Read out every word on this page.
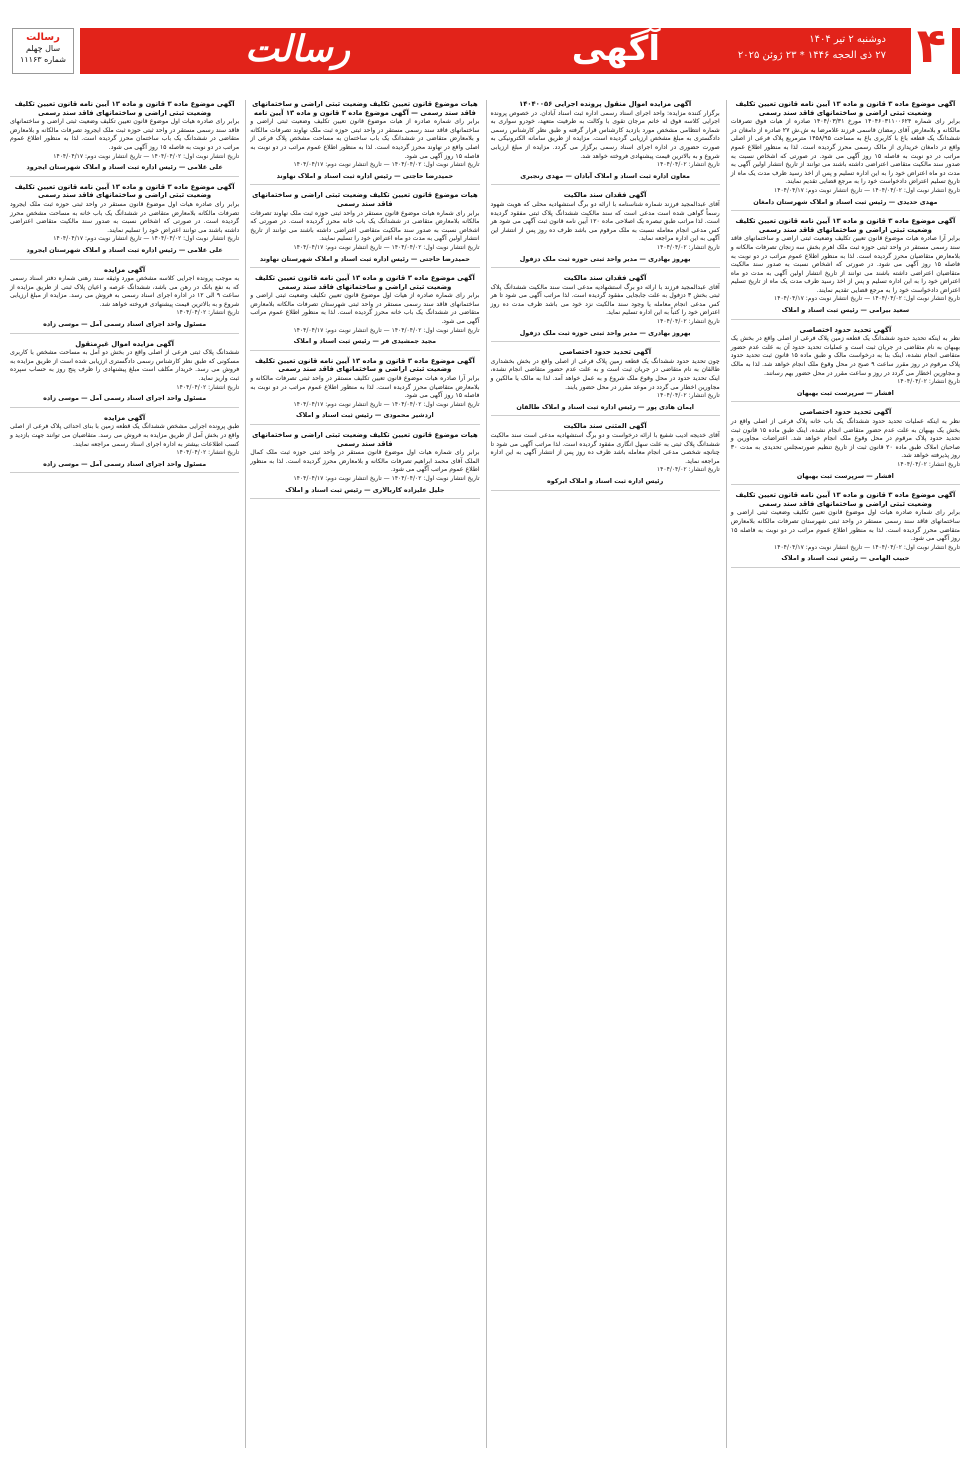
۴
دوشنبه ۲ تیر ۱۴۰۴
۲۷ ذی الحجه ۱۴۴۶ * ۲۳ ژوئن ۲۰۲۵
آگهی
رسالت
رسالت
سال چهلم
شماره ۱۱۱۶۳
آگهی موضوع ماده ۳ قانون و ماده ۱۳ آیین نامه قانون تعیین تکلیف وضعیت ثبتی اراضی و ساختمانهای فاقد سند رسمی

برابر رای شماره ۱۴۰۴۶۰۳۱۱۰۰۶۲۴ مورخ ۱۴۰۴/۰۳/۳۱ صادره از هیات فوق تصرفات مالکانه و بلامعارض آقای رمضان قاسمی فرزند غلامرضا به ش.ش ۲۷ صادره از دامغان در ششدانگ یک قطعه باغ با کاربری باغ به مساحت ۱۴۵۸/۹۵ مترمربع پلاک فرعی از اصلی واقع در دامغان خریداری از مالک رسمی محرز گردیده است. لذا به منظور اطلاع عموم مراتب در دو نوبت به فاصله ۱۵ روز آگهی می شود. در صورتی که اشخاص نسبت به صدور سند مالکیت متقاضی اعتراضی داشته باشند می توانند از تاریخ انتشار اولین آگهی به مدت دو ماه اعتراض خود را به این اداره تسلیم و پس از اخذ رسید ظرف مدت یک ماه از تاریخ تسلیم اعتراض دادخواست خود را به مرجع قضایی تقدیم نمایند.

تاریخ انتشار نوبت اول: ۱۴۰۴/۰۴/۰۲ — تاریخ انتشار نوبت دوم: ۱۴۰۴/۰۴/۱۷
مهدی حدیدی — رئیس ثبت اسناد و املاک شهرستان دامغان
آگهی موضوع ماده ۳ قانون و ماده ۱۳ آیین نامه قانون تعیین تکلیف وضعیت ثبتی اراضی و ساختمانهای فاقد سند رسمی

برابر آرا صادره هیات موضوع قانون تعیین تکلیف وضعیت ثبتی اراضی و ساختمانهای فاقد سند رسمی مستقر در واحد ثبتی حوزه ثبت ملک اهرم بخش سه زنجان تصرفات مالکانه و بلامعارض متقاضیان محرز گردیده است. لذا به منظور اطلاع عموم مراتب در دو نوبت به فاصله ۱۵ روز آگهی می شود. در صورتی که اشخاص نسبت به صدور سند مالکیت متقاضیان اعتراضی داشته باشند می توانند از تاریخ انتشار اولین آگهی به مدت دو ماه اعتراض خود را به این اداره تسلیم و پس از اخذ رسید ظرف مدت یک ماه از تاریخ تسلیم اعتراض دادخواست خود را به مرجع قضایی تقدیم نمایند.

تاریخ انتشار نوبت اول: ۱۴۰۴/۰۴/۰۲ — تاریخ انتشار نوبت دوم: ۱۴۰۴/۰۴/۱۷
سعید بیرامی — رئیس ثبت اسناد و املاک
آگهی تحدید حدود اختصاصی

نظر به اینکه تحدید حدود ششدانگ یک قطعه زمین پلاک فرعی از اصلی واقع در بخش یک بهبهان به نام متقاضی در جریان ثبت است و عملیات تحدید حدود آن به علت عدم حضور متقاضی انجام نشده، اینک بنا به درخواست مالک و طبق ماده ۱۵ قانون ثبت تحدید حدود پلاک مرقوم در روز مقرر ساعت ۹ صبح در محل وقوع ملک انجام خواهد شد. لذا به مالک و مجاورین اخطار می گردد در روز و ساعت مقرر در محل حضور بهم رسانند.

تاریخ انتشار: ۱۴۰۴/۰۴/۰۲
افشار — سرپرست ثبت بهبهان
آگهی تحدید حدود اختصاصی

نظر به اینکه عملیات تحدید حدود ششدانگ یک باب خانه پلاک فرعی از اصلی واقع در بخش یک بهبهان به علت عدم حضور متقاضی انجام نشده، اینک طبق ماده ۱۵ قانون ثبت تحدید حدود پلاک مرقوم در محل وقوع ملک انجام خواهد شد. اعتراضات مجاورین و صاحبان املاک طبق ماده ۲۰ قانون ثبت از تاریخ تنظیم صورتمجلس تحدیدی به مدت ۳۰ روز پذیرفته خواهد شد.

تاریخ انتشار: ۱۴۰۴/۰۴/۰۲
افشار — سرپرست ثبت بهبهان
آگهی موضوع ماده ۳ قانون و ماده ۱۳ آیین نامه قانون تعیین تکلیف وضعیت ثبتی اراضی و ساختمانهای فاقد سند رسمی

برابر رای شماره صادره هیات اول موضوع قانون تعیین تکلیف وضعیت ثبتی اراضی و ساختمانهای فاقد سند رسمی مستقر در واحد ثبتی شهرستان تصرفات مالکانه بلامعارض متقاضی محرز گردیده است. لذا به منظور اطلاع عموم مراتب در دو نوبت به فاصله ۱۵ روز آگهی می شود.

تاریخ انتشار نوبت اول: ۱۴۰۴/۰۴/۰۲ — تاریخ انتشار نوبت دوم: ۱۴۰۴/۰۴/۱۷
حبیب الهامی — رئیس ثبت اسناد و املاک
آگهی مزایده اموال منقول پرونده اجرایی ۱۴۰۴۰۰۵۶

برگزار کننده مزایده: واحد اجرای اسناد رسمی اداره ثبت اسناد آبادان. در خصوص پرونده اجرایی کلاسه فوق له خانم مرجان تقوی با وکالت به طرفیت متعهد، خودرو سواری به شماره انتظامی مشخص مورد بازدید کارشناس قرار گرفته و طبق نظر کارشناس رسمی دادگستری به مبلغ مشخص ارزیابی گردیده است. مزایده از طریق سامانه الکترونیکی به صورت حضوری در اداره اجرای اسناد رسمی برگزار می گردد. مزایده از مبلغ ارزیابی شروع و به بالاترین قیمت پیشنهادی فروخته خواهد شد.

تاریخ انتشار: ۱۴۰۴/۰۴/۰۲
معاون اداره ثبت اسناد و املاک آبادان — مهدی رنجبری
آگهی فقدان سند مالکیت

آقای عبدالمجید فرزند شماره شناسنامه با ارائه دو برگ استشهادیه محلی که هویت شهود رسماً گواهی شده است مدعی است که سند مالکیت ششدانگ پلاک ثبتی مفقود گردیده است. لذا مراتب طبق تبصره یک اصلاحی ماده ۱۲۰ آیین نامه قانون ثبت آگهی می شود هر کس مدعی انجام معامله نسبت به ملک مرقوم می باشد ظرف ده روز پس از انتشار این آگهی به این اداره مراجعه نماید.

تاریخ انتشار: ۱۴۰۴/۰۴/۰۲
بهروز بهادری — مدیر واحد ثبتی حوزه ثبت ملک دزفول
آگهی فقدان سند مالکیت

آقای عبدالمجید فرزند با ارائه دو برگ استشهادیه مدعی است سند مالکیت ششدانگ پلاک ثبتی بخش ۳ دزفول به علت جابجایی مفقود گردیده است. لذا مراتب آگهی می شود تا هر کس مدعی انجام معامله یا وجود سند مالکیت نزد خود می باشد ظرف مدت ده روز اعتراض خود را کتباً به این اداره تسلیم نماید.

تاریخ انتشار: ۱۴۰۴/۰۴/۰۲
بهروز بهادری — مدیر واحد ثبتی حوزه ثبت ملک دزفول
آگهی تحدید حدود اختصاصی

چون تحدید حدود ششدانگ یک قطعه زمین پلاک فرعی از اصلی واقع در بخش بخشداری طالقان به نام متقاضی در جریان ثبت است و به علت عدم حضور متقاضی انجام نشده، اینک تحدید حدود در محل وقوع ملک شروع و به عمل خواهد آمد. لذا به مالک یا مالکین و مجاورین اخطار می گردد در موعد مقرر در محل حضور یابند.

تاریخ انتشار: ۱۴۰۴/۰۴/۰۲
ایمان هادی پور — رئیس اداره ثبت اسناد و املاک طالقان
آگهی المثنی سند مالکیت

آقای خدیجه ادیب شفیع با ارائه درخواست و دو برگ استشهادیه مدعی است سند مالکیت ششدانگ پلاک ثبتی به علت سهل انگاری مفقود گردیده است. لذا مراتب آگهی می شود تا چنانچه شخصی مدعی انجام معامله باشد ظرف ده روز پس از انتشار آگهی به این اداره مراجعه نماید.

تاریخ انتشار: ۱۴۰۴/۰۴/۰۲
رئیس اداره ثبت اسناد و املاک ابرکوه
هیات موضوع قانون تعیین تکلیف وضعیت ثبتی اراضی و ساختمانهای فاقد سند رسمی — آگهی موضوع ماده ۳ قانون و ماده ۱۳ آیین نامه

برابر رای شماره صادره از هیات موضوع قانون تعیین تکلیف وضعیت ثبتی اراضی و ساختمانهای فاقد سند رسمی مستقر در واحد ثبتی حوزه ثبت ملک نهاوند تصرفات مالکانه و بلامعارض متقاضی در ششدانگ یک باب ساختمان به مساحت مشخص پلاک فرعی از اصلی واقع در نهاوند محرز گردیده است. لذا به منظور اطلاع عموم مراتب در دو نوبت به فاصله ۱۵ روز آگهی می شود.

تاریخ انتشار نوبت اول: ۱۴۰۴/۰۴/۰۲ — تاریخ انتشار نوبت دوم: ۱۴۰۴/۰۴/۱۷
حمیدرضا حاجتی — رئیس اداره ثبت اسناد و املاک نهاوند
هیات موضوع قانون تعیین تکلیف وضعیت ثبتی اراضی و ساختمانهای فاقد سند رسمی

برابر رای شماره هیات موضوع قانون مستقر در واحد ثبتی حوزه ثبت ملک نهاوند تصرفات مالکانه بلامعارض متقاضی در ششدانگ یک باب خانه محرز گردیده است. در صورتی که اشخاص نسبت به صدور سند مالکیت متقاضی اعتراضی داشته باشند می توانند از تاریخ انتشار اولین آگهی به مدت دو ماه اعتراض خود را تسلیم نمایند.

تاریخ انتشار نوبت اول: ۱۴۰۴/۰۴/۰۲ — تاریخ انتشار نوبت دوم: ۱۴۰۴/۰۴/۱۷
حمیدرضا حاجتی — رئیس اداره ثبت اسناد و املاک شهرستان نهاوند
آگهی موضوع ماده ۳ قانون و ماده ۱۳ آیین نامه قانون تعیین تکلیف وضعیت ثبتی اراضی و ساختمانهای فاقد سند رسمی

برابر رای شماره صادره از هیات اول موضوع قانون تعیین تکلیف وضعیت ثبتی اراضی و ساختمانهای فاقد سند رسمی مستقر در واحد ثبتی شهرستان تصرفات مالکانه بلامعارض متقاضی در ششدانگ یک باب خانه محرز گردیده است. لذا به منظور اطلاع عموم مراتب آگهی می شود.

تاریخ انتشار نوبت اول: ۱۴۰۴/۰۴/۰۲ — تاریخ انتشار نوبت دوم: ۱۴۰۴/۰۴/۱۷
مجید جمشیدی فر — رئیس ثبت اسناد و املاک
آگهی موضوع ماده ۳ قانون و ماده ۱۳ آیین نامه قانون تعیین تکلیف وضعیت ثبتی اراضی و ساختمانهای فاقد سند رسمی

برابر آرا صادره هیات موضوع قانون تعیین تکلیف مستقر در واحد ثبتی تصرفات مالکانه و بلامعارض متقاضیان محرز گردیده است. لذا به منظور اطلاع عموم مراتب در دو نوبت به فاصله ۱۵ روز آگهی می شود.

تاریخ انتشار نوبت اول: ۱۴۰۴/۰۴/۰۲ — تاریخ انتشار نوبت دوم: ۱۴۰۴/۰۴/۱۷
اردشیر محمودی — رئیس ثبت اسناد و املاک
هیات موضوع قانون تعیین تکلیف وضعیت ثبتی اراضی و ساختمانهای فاقد سند رسمی

برابر رای شماره هیات اول موضوع قانون مستقر در واحد ثبتی حوزه ثبت ملک کمال الملک آقای محمد ابراهیم تصرفات مالکانه و بلامعارض محرز گردیده است. لذا به منظور اطلاع عموم مراتب آگهی می شود.

تاریخ انتشار نوبت اول: ۱۴۰۴/۰۴/۰۲ — تاریخ انتشار نوبت دوم: ۱۴۰۴/۰۴/۱۷
جلیل علیزاده کاربالاری — رئیس ثبت اسناد و املاک
آگهی موضوع ماده ۳ قانون و ماده ۱۳ آیین نامه قانون تعیین تکلیف وضعیت ثبتی اراضی و ساختمانهای فاقد سند رسمی

برابر رای صادره هیات اول موضوع قانون تعیین تکلیف وضعیت ثبتی اراضی و ساختمانهای فاقد سند رسمی مستقر در واحد ثبتی حوزه ثبت ملک ایجرود تصرفات مالکانه و بلامعارض متقاضی در ششدانگ یک باب ساختمان محرز گردیده است. لذا به منظور اطلاع عموم مراتب در دو نوبت به فاصله ۱۵ روز آگهی می شود.

تاریخ انتشار نوبت اول: ۱۴۰۴/۰۴/۰۲ — تاریخ انتشار نوبت دوم: ۱۴۰۴/۰۴/۱۷
علی غلامی — رئیس اداره ثبت اسناد و املاک شهرستان ایجرود
آگهی موضوع ماده ۳ قانون و ماده ۱۳ آیین نامه قانون تعیین تکلیف وضعیت ثبتی اراضی و ساختمانهای فاقد سند رسمی

برابر رای صادره هیات اول موضوع قانون مستقر در واحد ثبتی حوزه ثبت ملک ایجرود تصرفات مالکانه بلامعارض متقاضی در ششدانگ یک باب خانه به مساحت مشخص محرز گردیده است. در صورتی که اشخاص نسبت به صدور سند مالکیت متقاضی اعتراضی داشته باشند می توانند اعتراض خود را تسلیم نمایند.

تاریخ انتشار نوبت اول: ۱۴۰۴/۰۴/۰۲ — تاریخ انتشار نوبت دوم: ۱۴۰۴/۰۴/۱۷
علی غلامی — رئیس اداره ثبت اسناد و املاک شهرستان ایجرود
آگهی مزایده

به موجب پرونده اجرایی کلاسه مشخص مورد وثیقه سند رهنی شماره دفتر اسناد رسمی که به نفع بانک در رهن می باشد، ششدانگ عرصه و اعیان پلاک ثبتی از طریق مزایده از ساعت ۹ الی ۱۲ در اداره اجرای اسناد رسمی به فروش می رسد. مزایده از مبلغ ارزیابی شروع و به بالاترین قیمت پیشنهادی فروخته خواهد شد.

تاریخ انتشار: ۱۴۰۴/۰۴/۰۲
مسئول واحد اجرای اسناد رسمی آمل — موسی زاده
آگهی مزایده اموال غیرمنقول

ششدانگ پلاک ثبتی فرعی از اصلی واقع در بخش دو آمل به مساحت مشخص با کاربری مسکونی که طبق نظر کارشناس رسمی دادگستری ارزیابی شده است از طریق مزایده به فروش می رسد. خریدار مکلف است مبلغ پیشنهادی را ظرف پنج روز به حساب سپرده ثبت واریز نماید.

تاریخ انتشار: ۱۴۰۴/۰۴/۰۲
مسئول واحد اجرای اسناد رسمی آمل — موسی زاده
آگهی مزایده

طبق پرونده اجرایی مشخص ششدانگ یک قطعه زمین با بنای احداثی پلاک فرعی از اصلی واقع در بخش آمل از طریق مزایده به فروش می رسد. متقاضیان می توانند جهت بازدید و کسب اطلاعات بیشتر به اداره اجرای اسناد رسمی مراجعه نمایند.

تاریخ انتشار: ۱۴۰۴/۰۴/۰۲
مسئول واحد اجرای اسناد رسمی آمل — موسی زاده
